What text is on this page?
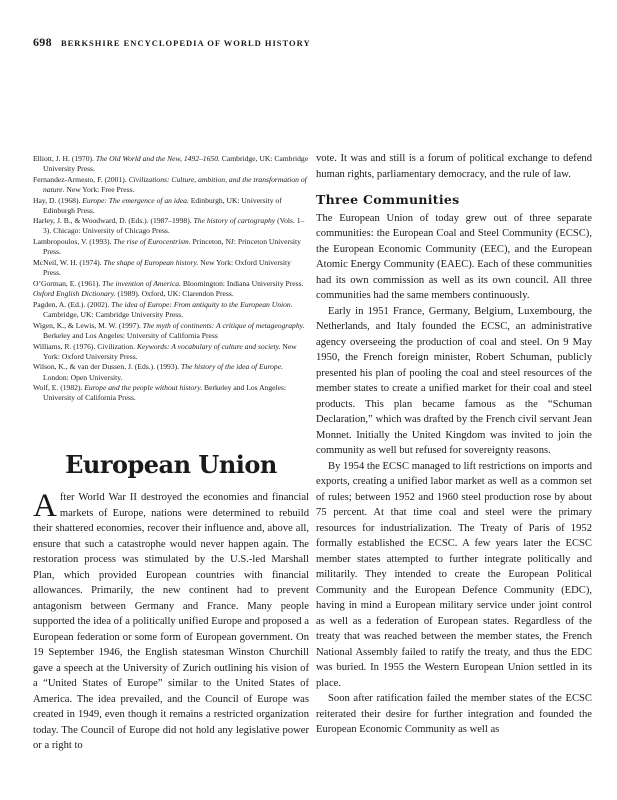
698 BERKSHIRE ENCYCLOPEDIA OF WORLD HISTORY
Elliott, J. H. (1970). The Old World and the New, 1492–1650. Cambridge, UK: Cambridge University Press.
Fernandez-Armesto, F. (2001). Civilizations: Culture, ambition, and the transformation of nature. New York: Free Press.
Hay, D. (1968). Europe: The emergence of an idea. Edinburgh, UK: University of Edinburgh Press.
Harley, J. B., & Woodward, D. (Eds.). (1987–1998). The history of cartography (Vols. 1–3). Chicago: University of Chicago Press.
Lambropoulos, V. (1993). The rise of Eurocentrism. Princeton, NJ: Princeton University Press.
McNeil, W. H. (1974). The shape of European history. New York: Oxford University Press.
O’Gorman, E. (1961). The invention of America. Bloomington: Indiana University Press.
Oxford English Dictionary. (1989). Oxford, UK: Clarendon Press.
Pagden, A. (Ed.). (2002). The idea of Europe: From antiquity to the European Union. Cambridge, UK: Cambridge University Press.
Wigen, K., & Lewis, M. W. (1997). The myth of continents: A critique of metageography. Berkeley and Los Angeles: University of California Press
Williams, R. (1976). Civilization. Keywords: A vocabulary of culture and society. New York: Oxford University Press.
Wilson, K., & van der Dussen, J. (Eds.). (1993). The history of the idea of Europe. London: Open University.
Wolf, E. (1982). Europe and the people without history. Berkeley and Los Angeles: University of California Press.
European Union

After World War II destroyed the economies and financial markets of Europe, nations were determined to rebuild their shattered economies, recover their influence and, above all, ensure that such a catastrophe would never happen again. The restoration process was stimulated by the U.S.-led Marshall Plan, which provided European countries with financial allowances. Primarily, the new continent had to prevent antagonism between Germany and France. Many people supported the idea of a politically unified Europe and proposed a European federation or some form of European government. On 19 September 1946, the English statesman Winston Churchill gave a speech at the University of Zurich outlining his vision of a “United States of Europe” similar to the United States of America. The idea prevailed, and the Council of Europe was created in 1949, even though it remains a restricted organization today. The Council of Europe did not hold any legislative power or a right to

vote. It was and still is a forum of political exchange to defend human rights, parliamentary democracy, and the rule of law.

Three Communities

The European Union of today grew out of three separate communities: the European Coal and Steel Community (ECSC), the European Economic Community (EEC), and the European Atomic Energy Community (EAEC). Each of these communities had its own commission as well as its own council. All three communities had the same members continuously.

Early in 1951 France, Germany, Belgium, Luxembourg, the Netherlands, and Italy founded the ECSC, an administrative agency overseeing the production of coal and steel. On 9 May 1950, the French foreign minister, Robert Schuman, publicly presented his plan of pooling the coal and steel resources of the member states to create a unified market for their coal and steel products. This plan became famous as the “Schuman Declaration,” which was drafted by the French civil servant Jean Monnet. Initially the United Kingdom was invited to join the community as well but refused for sovereignty reasons.

By 1954 the ECSC managed to lift restrictions on imports and exports, creating a unified labor market as well as a common set of rules; between 1952 and 1960 steel production rose by about 75 percent. At that time coal and steel were the primary resources for industrialization. The Treaty of Paris of 1952 formally established the ECSC. A few years later the ECSC member states attempted to further integrate politically and militarily. They intended to create the European Political Community and the European Defence Community (EDC), having in mind a European military service under joint control as well as a federation of European states. Regardless of the treaty that was reached between the member states, the French National Assembly failed to ratify the treaty, and thus the EDC was buried. In 1955 the Western European Union settled in its place.

Soon after ratification failed the member states of the ECSC reiterated their desire for further integration and founded the European Economic Community as well as
